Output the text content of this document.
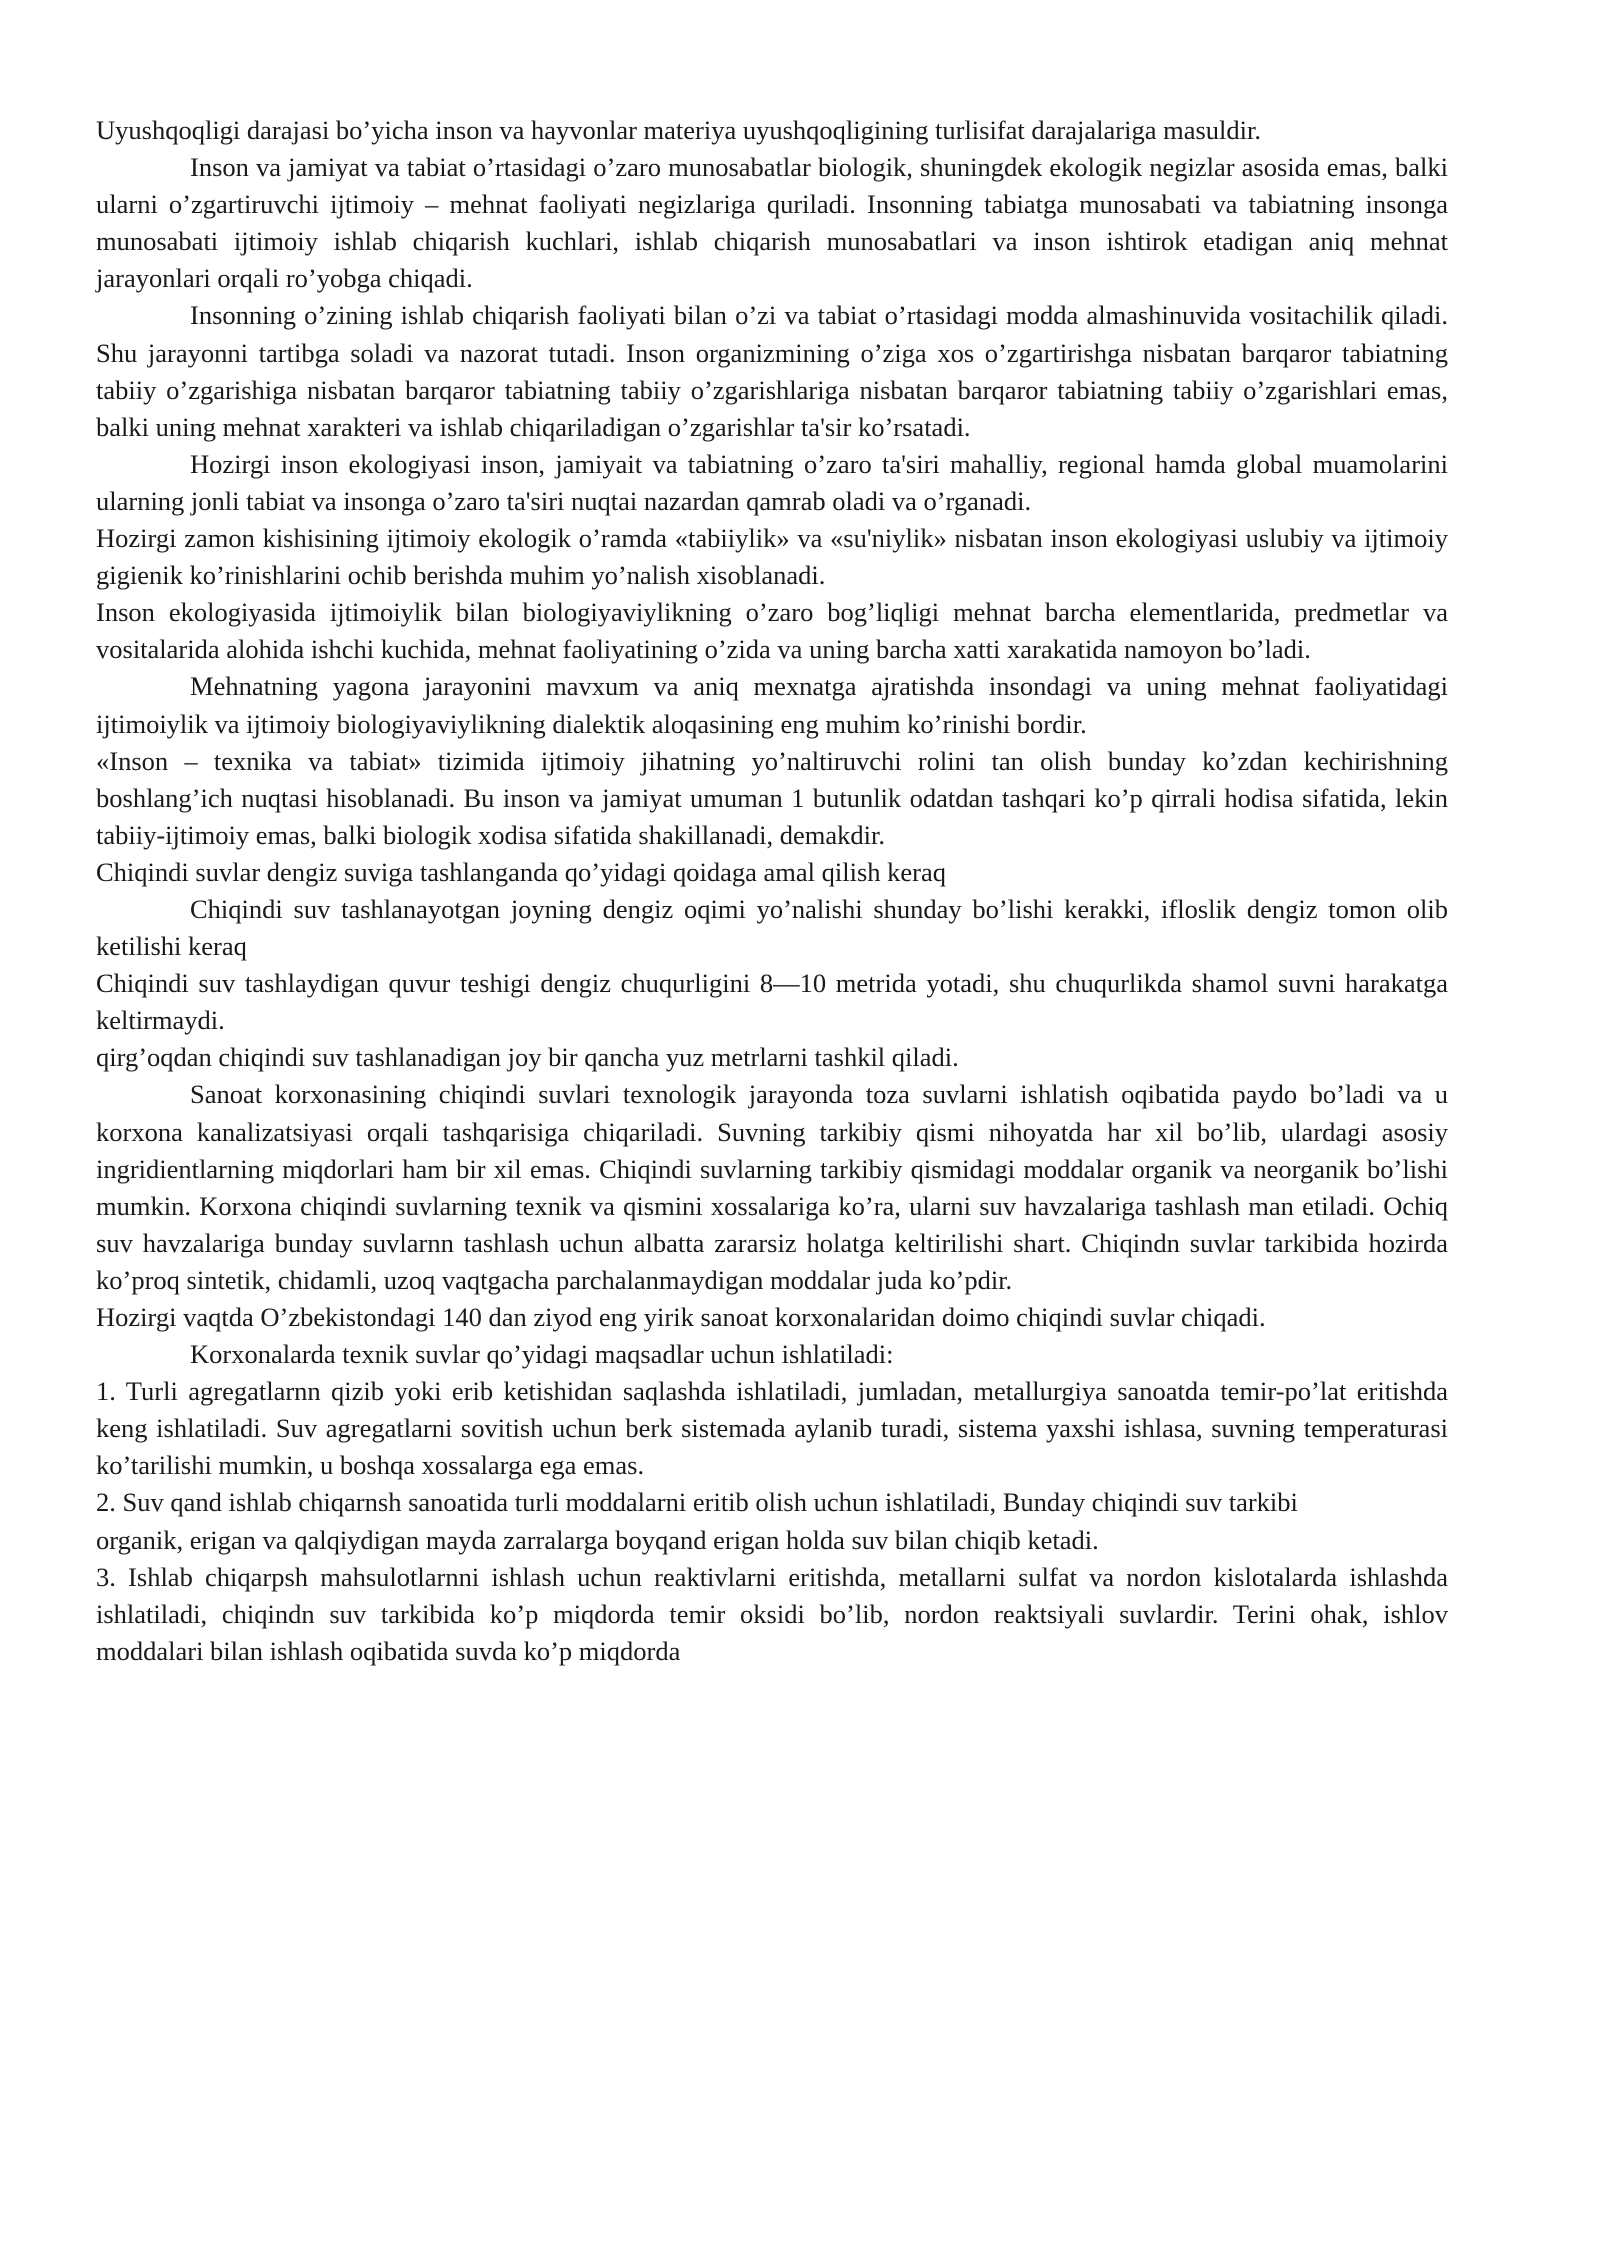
Uyushqoqligi darajasi bo’yicha inson va hayvonlar materiya uyushqoqligining turlisifat darajalariga masuldir.

Inson va jamiyat va tabiat o’rtasidagi o’zaro munosabatlar biologik, shuningdek ekologik negizlar asosida emas, balki ularni o’zgartiruvchi ijtimoiy – mehnat faoliyati negizlariga quriladi. Insonning tabiatga munosabati va tabiatning insonga munosabati ijtimoiy ishlab chiqarish kuchlari, ishlab chiqarish munosabatlari va inson ishtirok etadigan aniq mehnat jarayonlari orqali ro’yobga chiqadi.

Insonning o’zining ishlab chiqarish faoliyati bilan o’zi va tabiat o’rtasidagi modda almashinuvida vositachilik qiladi. Shu jarayonni tartibga soladi va nazorat tutadi. Inson organizmining o’ziga xos o’zgartirishga nisbatan barqaror tabiatning tabiiy o’zgarishiga nisbatan barqaror tabiatning tabiiy o’zgarishlariga nisbatan barqaror tabiatning tabiiy o’zgarishlari emas, balki uning mehnat xarakteri va ishlab chiqariladigan o’zgarishlar ta'sir ko’rsatadi.

Hozirgi inson ekologiyasi inson, jamiyait va tabiatning o’zaro ta'siri mahalliy, regional hamda global muamolarini ularning jonli tabiat va insonga o’zaro ta'siri nuqtai nazardan qamrab oladi va o’rganadi.

Hozirgi zamon kishisining ijtimoiy ekologik o’ramda «tabiiylik» va «su'niylik» nisbatan inson ekologiyasi uslubiy va ijtimoiy gigienik ko’rinishlarini ochib berishda muhim yo’nalish xisoblanadi.

Inson ekologiyasida ijtimoiylik bilan biologiyaviylikning o’zaro bog’liqligi mehnat barcha elementlarida, predmetlar va vositalarida alohida ishchi kuchida, mehnat faoliyatining o’zida va uning barcha xatti xarakatida namoyon bo’ladi.

Mehnatning yagona jarayonini mavxum va aniq mexnatga ajratishda insondagi va uning mehnat faoliyatidagi ijtimoiylik va ijtimoiy biologiyaviylikning dialektik aloqasining eng muhim ko’rinishi bordir.

«Inson – texnika va tabiat» tizimida ijtimoiy jihatning yo’naltiruvchi rolini tan olish bunday ko’zdan kechirishning boshlang’ich nuqtasi hisoblanadi. Bu inson va jamiyat umuman 1 butunlik odatdan tashqari ko’p qirrali hodisa sifatida, lekin tabiiy-ijtimoiy emas, balki biologik xodisa sifatida shakillanadi, demakdir.

Chiqindi suvlar dengiz suviga tashlanganda qo’yidagi qoidaga amal qilish keraq

Chiqindi suv tashlanayotgan joyning dengiz oqimi yo’nalishi shunday bo’lishi kerakki, ifloslik dengiz tomon olib ketilishi keraq

Chiqindi suv tashlaydigan quvur teshigi dengiz chuqurligini 8—10 metrida yotadi, shu chuqurlikda shamol suvni harakatga keltirmaydi.

qirg’oqdan chiqindi suv tashlanadigan joy bir qancha yuz metrlarni tashkil qiladi.

Sanoat korxonasining chiqindi suvlari texnologik jarayonda toza suvlarni ishlatish oqibatida paydo bo’ladi va u korxona kanalizatsiyasi orqali tashqarisiga chiqariladi. Suvning tarkibiy qismi nihoyatda har xil bo’lib, ulardagi asosiy ingridientlarning miqdorlari ham bir xil emas. Chiqindi suvlarning tarkibiy qismidagi moddalar organik va neorganik bo’lishi mumkin. Korxona chiqindi suvlarning texnik va qismini xossalariga ko’ra, ularni suv havzalariga tashlash man etiladi. Ochiq suv havzalariga bunday suvlarnn tashlash uchun albatta zararsiz holatga keltirilishi shart. Chiqindn suvlar tarkibida hozirda ko’proq sintetik, chidamli, uzoq vaqtgacha parchalanmaydigan moddalar juda ko’pdir.

Hozirgi vaqtda O’zbekistondagi 140 dan ziyod eng yirik sanoat korxonalaridan doimo chiqindi suvlar chiqadi.

Korxonalarda texnik suvlar qo’yidagi maqsadlar uchun ishlatiladi:

1. Turli agregatlarnn qizib yoki erib ketishidan saqlashda ishlatiladi, jumladan, metallurgiya sanoatda temir-po’lat eritishda keng ishlatiladi. Suv agregatlarni sovitish uchun berk sistemada aylanib turadi, sistema yaxshi ishlasa, suvning temperaturasi ko’tarilishi mumkin, u boshqa xossalarga ega emas.

2. Suv qand ishlab chiqarnsh sanoatida turli moddalarni eritib olish uchun ishlatiladi, Bunday chiqindi suv tarkibi

organik, erigan va qalqiydigan mayda zarralarga boyqand erigan holda suv bilan chiqib ketadi.

3. Ishlab chiqarpsh mahsulotlarnni ishlash uchun reaktivlarni eritishda, metallarni sulfat va nordon kislotalarda ishlashda ishlatiladi, chiqindn suv tarkibida ko’p miqdorda temir oksidi bo’lib, nordon reaktsiyali suvlardir. Terini ohak, ishlov moddalari bilan ishlash oqibatida suvda ko’p miqdorda
